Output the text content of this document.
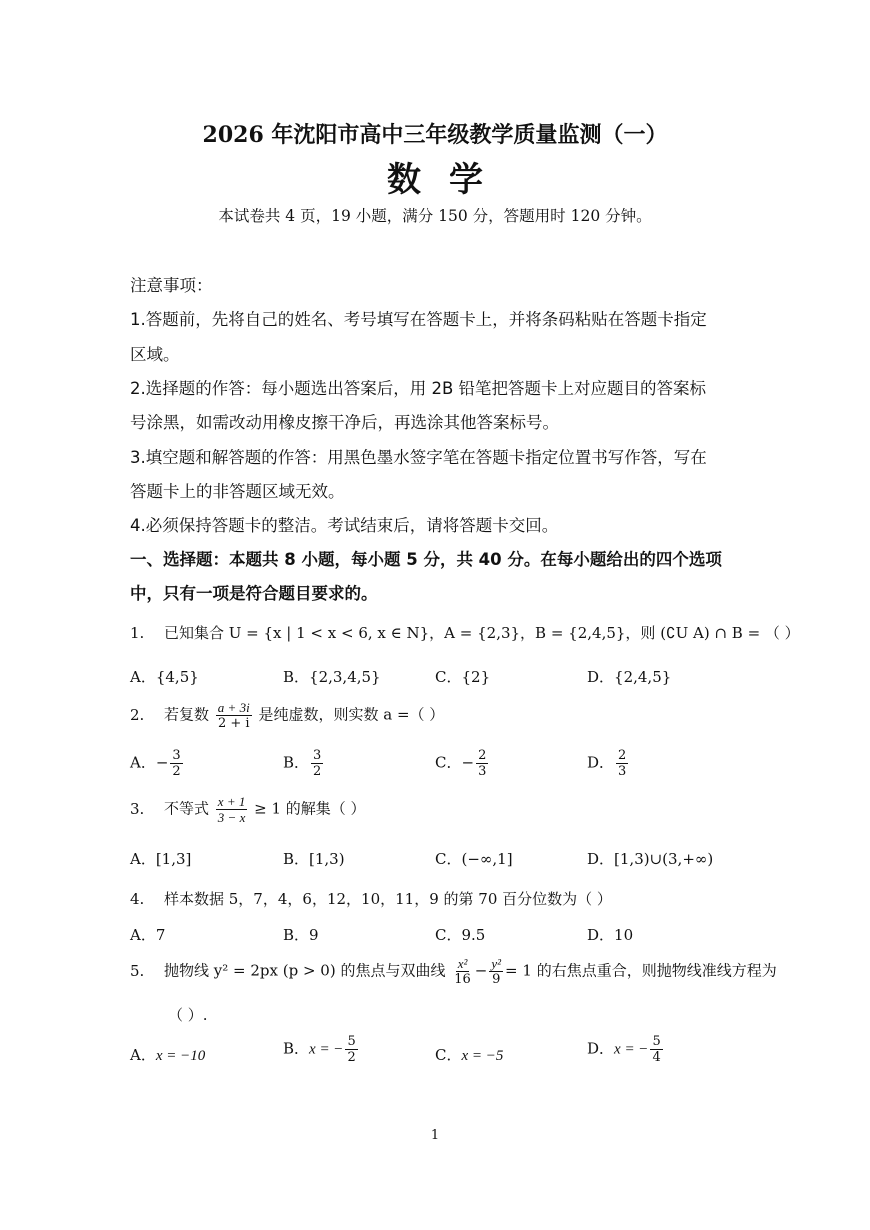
2026 年沈阳市高中三年级教学质量监测（一）
数学
本试卷共 4 页，19 小题，满分 150 分，答题用时 120 分钟。
注意事项：
1.答题前，先将自己的姓名、考号填写在答题卡上，并将条码粘贴在答题卡指定
区域。
2.选择题的作答：每小题选出答案后，用 2B 铅笔把答题卡上对应题目的答案标
号涂黑，如需改动用橡皮擦干净后，再选涂其他答案标号。
3.填空题和解答题的作答：用黑色墨水签字笔在答题卡指定位置书写作答，写在
答题卡上的非答题区域无效。
4.必须保持答题卡的整洁。考试结束后，请将答题卡交回。
一、选择题：本题共 8 小题，每小题 5 分，共 40 分。在每小题给出的四个选项
中，只有一项是符合题目要求的。
1. 已知集合 U = {x | 1 < x < 6, x ∈ N}，A = {2,3}，B = {2,4,5}，则 (∁U A) ∩ B = （ ）
A．{4,5}	B．{2,3,4,5}	C．{2}	D．{2,4,5}
2. 若复数 $\frac{a + 3i}{2 + i}$ 是纯虚数，则实数 a =（ ）
A．− $\frac{3}{2}$	B． $\frac{3}{2}$	C．− $\frac{2}{3}$	D． $\frac{2}{3}$
3. 不等式 $\frac{x + 1}{3 - x} \ge 1$ 的解集（ ）
A．[1,3]	B．[1,3)	C．(−∞,1]	D．[1,3)∪(3,+∞)
4. 样本数据 5，7，4，6，12，10，11，9 的第 70 百分位数为（ ）
A．7	B．9	C．9.5	D．10
5. 抛物线 y² = 2px (p > 0) 的焦点与双曲线 $\frac{\text{x²}}{16} - \frac{\text{y²}}{9} = 1$ 的右焦点重合，则抛物线准线方程为
（ ）.
A．x = −10	B．x = − $\frac{5}{2}$	C．x = −5	D．x = − $\frac{5}{4}$
1
